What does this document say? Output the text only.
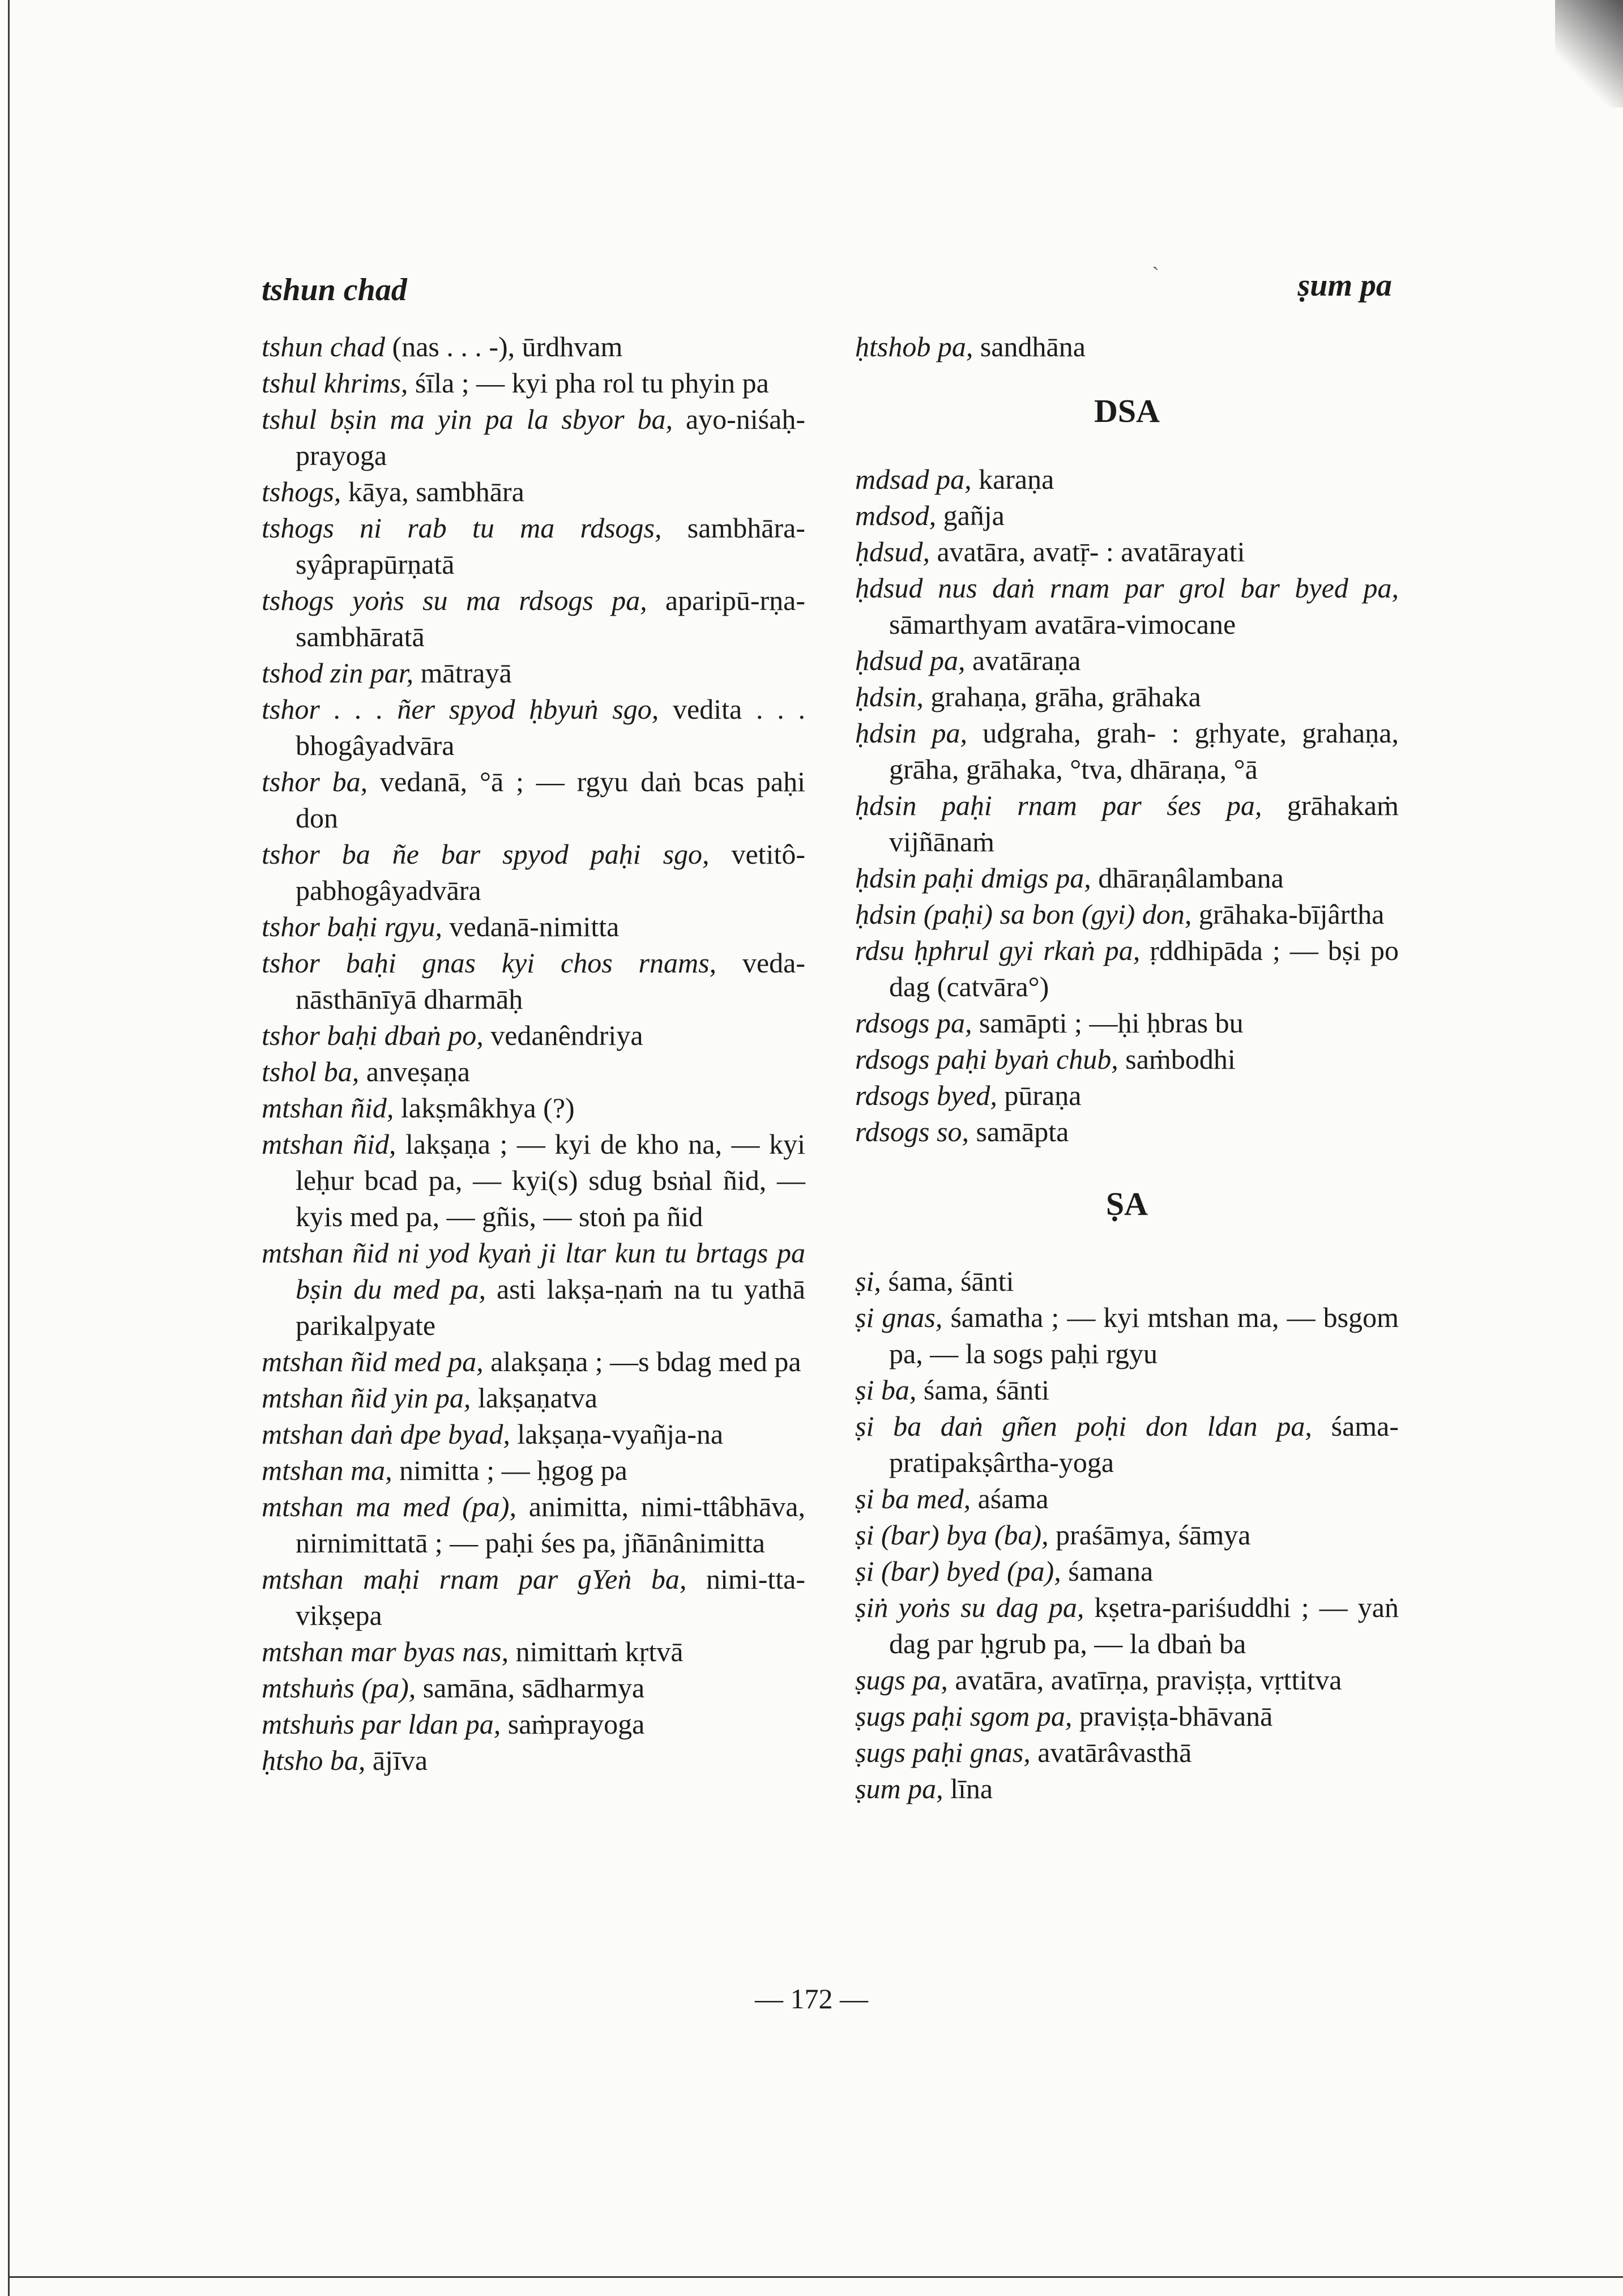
tshun chad	`	ṣum pa

tshun chad (nas . . . -), ūrdhvam

tshul khrims, śīla ; — kyi pha rol tu phyin pa

tshul bṣin ma yin pa la sbyor ba, ayo-niśaḥ-prayoga

tshogs, kāya, sambhāra

tshogs ni rab tu ma rdsogs, sambhāra-syâprapūrṇatā

tshogs yoṅs su ma rdsogs pa, aparipū-rṇa-sambhāratā

tshod zin par, mātrayā

tshor . . . ñer spyod ḥbyuṅ sgo, vedita . . . bhogâyadvāra

tshor ba, vedanā, °ā ; — rgyu daṅ bcas paḥi don

tshor ba ñe bar spyod paḥi sgo, vetitô-pabhogâyadvāra

tshor baḥi rgyu, vedanā-nimitta

tshor baḥi gnas kyi chos rnams, veda-nāsthānīyā dharmāḥ

tshor baḥi dbaṅ po, vedanêndriya

tshol ba, anveṣaṇa

mtshan ñid, lakṣmâkhya (?)

mtshan ñid, lakṣaṇa ; — kyi de kho na, — kyi leḥur bcad pa, — kyi(s) sdug bsṅal ñid, — kyis med pa, — gñis, — stoṅ pa ñid

mtshan ñid ni yod kyaṅ ji ltar kun tu brtags pa bṣin du med pa, asti lakṣa-ṇaṁ na tu yathā parikalpyate

mtshan ñid med pa, alakṣaṇa ; —s bdag med pa

mtshan ñid yin pa, lakṣaṇatva

mtshan daṅ dpe byad, lakṣaṇa-vyañja-na

mtshan ma, nimitta ; — ḥgog pa

mtshan ma med (pa), animitta, nimi-ttâbhāva, nirnimittatā ; — paḥi śes pa, jñānânimitta

mtshan maḥi rnam par gYeṅ ba, nimi-tta-vikṣepa

mtshan mar byas nas, nimittaṁ kṛtvā

mtshuṅs (pa), samāna, sādharmya

mtshuṅs par ldan pa, saṁprayoga

ḥtsho ba, ājīva

ḥtshob pa, sandhāna

DSA

mdsad pa, karaṇa

mdsod, gañja

ḥdsud, avatāra, avatṝ- : avatārayati

ḥdsud nus daṅ rnam par grol bar byed pa, sāmarthyam avatāra-vimocane

ḥdsud pa, avatāraṇa

ḥdsin, grahaṇa, grāha, grāhaka

ḥdsin pa, udgraha, grah- : gṛhyate, grahaṇa, grāha, grāhaka, °tva, dhāraṇa, °ā

ḥdsin paḥi rnam par śes pa, grāhakaṁ vijñānaṁ

ḥdsin paḥi dmigs pa, dhāraṇâlambana

ḥdsin (paḥi) sa bon (gyi) don, grāhaka-bījârtha

rdsu ḥphrul gyi rkaṅ pa, ṛddhipāda ; — bṣi po dag (catvāra°)

rdsogs pa, samāpti ; —ḥi ḥbras bu

rdsogs paḥi byaṅ chub, saṁbodhi

rdsogs byed, pūraṇa

rdsogs so, samāpta

ṢA

ṣi, śama, śānti

ṣi gnas, śamatha ; — kyi mtshan ma, — bsgom pa, — la sogs paḥi rgyu

ṣi ba, śama, śānti

ṣi ba daṅ gñen poḥi don ldan pa, śama-pratipakṣârtha-yoga

ṣi ba med, aśama

ṣi (bar) bya (ba), praśāmya, śāmya

ṣi (bar) byed (pa), śamana

ṣiṅ yoṅs su dag pa, kṣetra-pariśuddhi ; — yaṅ dag par ḥgrub pa, — la dbaṅ ba

ṣugs pa, avatāra, avatīrṇa, praviṣṭa, vṛttitva

ṣugs paḥi sgom pa, praviṣṭa-bhāvanā

ṣugs paḥi gnas, avatārâvasthā

ṣum pa, līna

— 172 —
